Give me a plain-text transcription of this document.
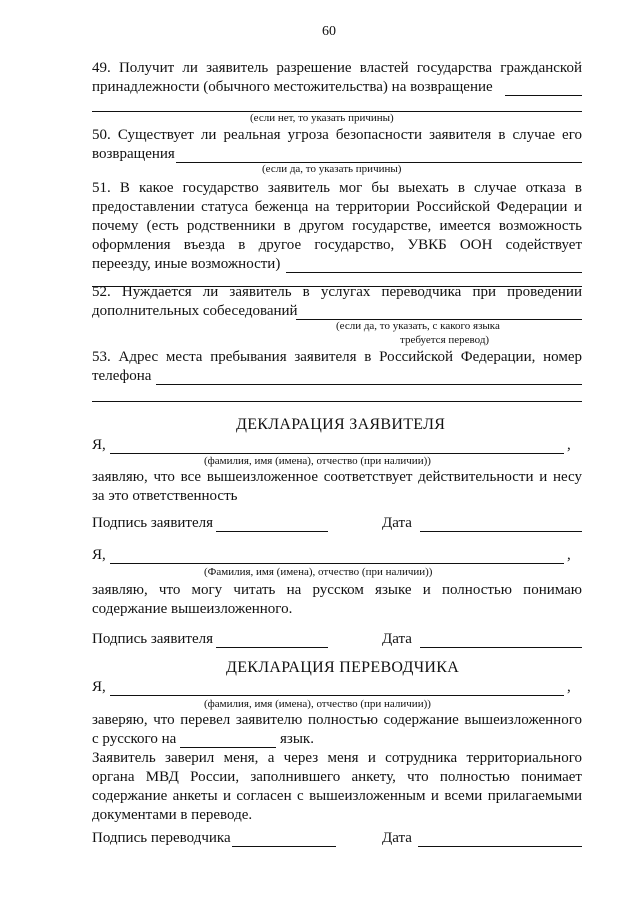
60
49. Получит ли заявитель разрешение властей государства гражданской
принадлежности (обычного местожительства) на возвращение
(если нет, то указать причины)
50. Существует ли реальная угроза безопасности заявителя в случае его
возвращения
(если да, то указать причины)
51. В какое государство заявитель мог бы выехать в случае отказа в
предоставлении статуса беженца на территории Российской Федерации и
почему (есть родственники в другом государстве, имеется возможность
оформления въезда в другое государство, УВКБ ООН содействует
переезду, иные возможности)
52. Нуждается ли заявитель в услугах переводчика при проведении
дополнительных собеседований
(если да, то указать, с какого языка
требуется перевод)
53. Адрес места пребывания заявителя в Российской Федерации, номер
телефона
ДЕКЛАРАЦИЯ ЗАЯВИТЕЛЯ
Я,	,
(фамилия, имя (имена), отчество (при наличии))
заявляю, что все вышеизложенное соответствует действительности и несу
за это ответственность
Подпись заявителя	Дата
Я,	,
(Фамилия, имя (имена), отчество (при наличии))
заявляю, что могу читать на русском языке и полностью понимаю
содержание вышеизложенного.
Подпись заявителя	Дата
ДЕКЛАРАЦИЯ ПЕРЕВОДЧИКА
Я,	,
(фамилия, имя (имена), отчество (при наличии))
заверяю, что перевел заявителю полностью содержание вышеизложенного
с русского на	язык.
Заявитель заверил меня, а через меня и сотрудника территориального
органа МВД России, заполнившего анкету, что полностью понимает
содержание анкеты и согласен с вышеизложенным и всеми прилагаемыми
документами в переводе.
Подпись переводчика	Дата
